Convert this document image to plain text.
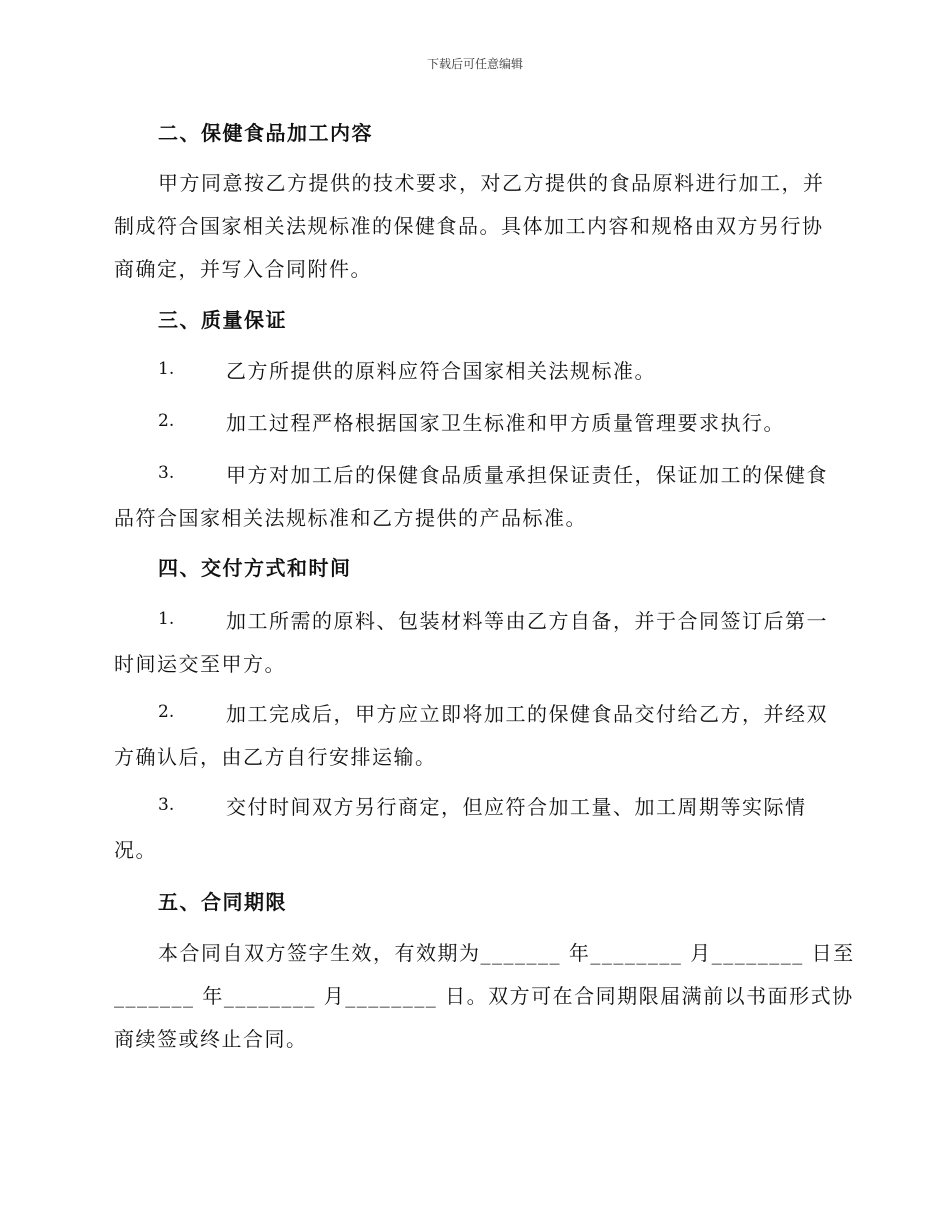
下载后可任意编辑
二、保健食品加工内容
甲方同意按乙方提供的技术要求，对乙方提供的食品原料进行加工，并
制成符合国家相关法规标准的保健食品。具体加工内容和规格由双方另行协
商确定，并写入合同附件。
三、质量保证
1.	乙方所提供的原料应符合国家相关法规标准。
2.	加工过程严格根据国家卫生标准和甲方质量管理要求执行。
3.	甲方对加工后的保健食品质量承担保证责任，保证加工的保健食
品符合国家相关法规标准和乙方提供的产品标准。
四、交付方式和时间
1.	加工所需的原料、包装材料等由乙方自备，并于合同签订后第一
时间运交至甲方。
2.	加工完成后，甲方应立即将加工的保健食品交付给乙方，并经双
方确认后，由乙方自行安排运输。
3.	交付时间双方另行商定，但应符合加工量、加工周期等实际情
况。
五、合同期限
本合同自双方签字生效，有效期为_______ 年________ 月________ 日至
_______ 年________ 月________ 日。双方可在合同期限届满前以书面形式协
商续签或终止合同。
